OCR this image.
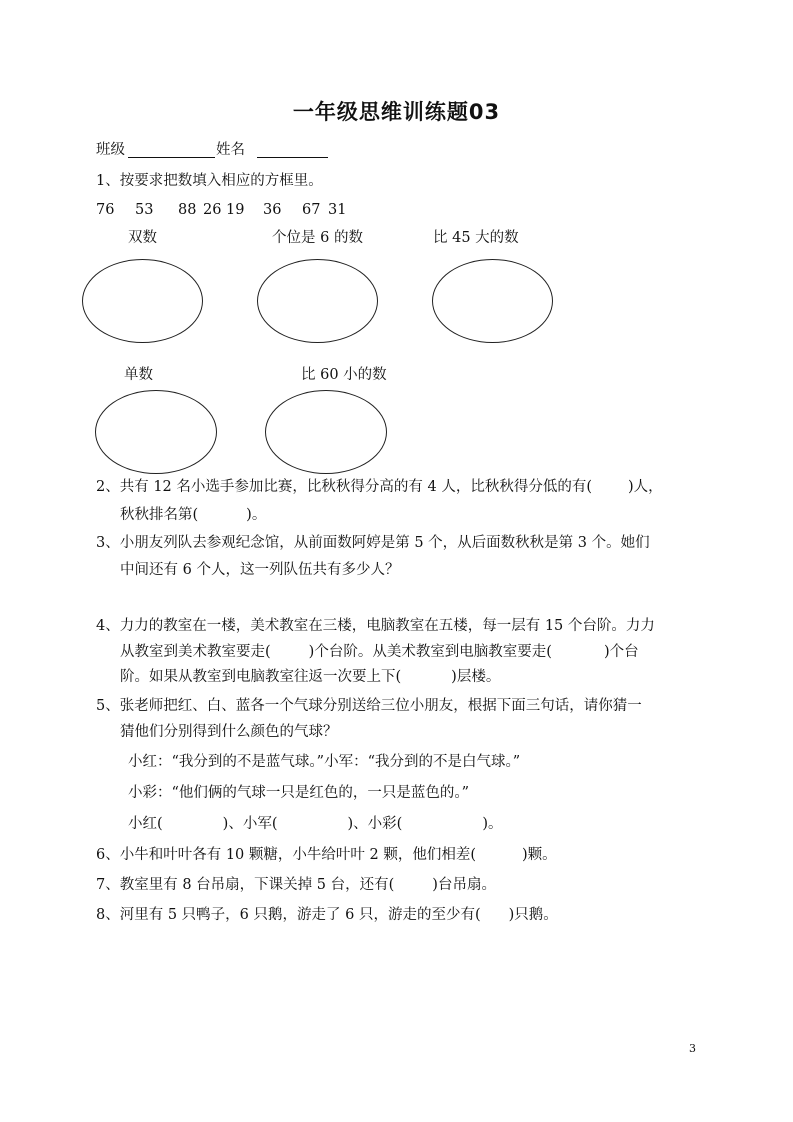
一年级思维训练题03
班级	姓名
1、按要求把数填入相应的方框里。
76 53 88 26 19 36 67 31
双数	个位是 6 的数	比 45 大的数
单数	比 60 小的数
2、共有 12 名小选手参加比赛，比秋秋得分高的有 4 人，比秋秋得分低的有( )人，
秋秋排名第(	)。
3、小朋友列队去参观纪念馆，从前面数阿婷是第 5 个，从后面数秋秋是第 3 个。她们
中间还有 6 个人，这一列队伍共有多少人？
4、力力的教室在一楼，美术教室在三楼，电脑教室在五楼，每一层有 15 个台阶。力力
从教室到美术教室要走(	)个台阶。从美术教室到电脑教室要走(	)个台
阶。如果从教室到电脑教室往返一次要上下(	)层楼。
5、张老师把红、白、蓝各一个气球分别送给三位小朋友，根据下面三句话，请你猜一
猜他们分别得到什么颜色的气球？
小红：“我分到的不是蓝气球。”小军：“我分到的不是白气球。”
小彩：“他们俩的气球一只是红色的，一只是蓝色的。”
小红(	)、小军(	)、小彩(	)。
6、小牛和叶叶各有 10 颗糖，小牛给叶叶 2 颗，他们相差(	)颗。
7、教室里有 8 台吊扇，下课关掉 5 台，还有(	)台吊扇。
8、河里有 5 只鸭子，6 只鹅，游走了 6 只，游走的至少有( )只鹅。
3
